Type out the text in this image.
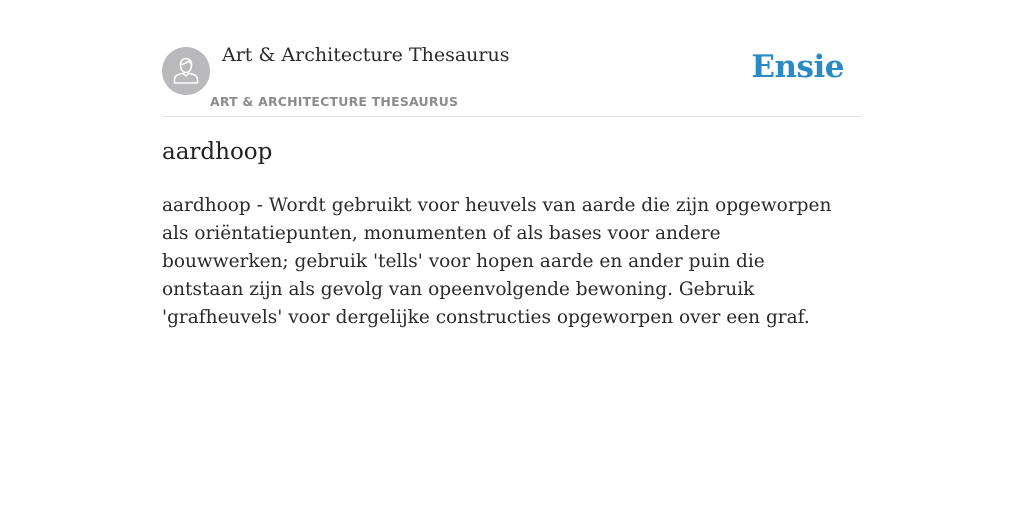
Art & Architecture Thesaurus
ART & ARCHITECTURE THESAURUS
Ensie
aardhoop

aardhoop - Wordt gebruikt voor heuvels van aarde die zijn opgeworpen als oriëntatiepunten, monumenten of als bases voor andere bouwwerken; gebruik 'tells' voor hopen aarde en ander puin die ontstaan zijn als gevolg van opeenvolgende bewoning. Gebruik 'grafheuvels' voor dergelijke constructies opgeworpen over een graf.
